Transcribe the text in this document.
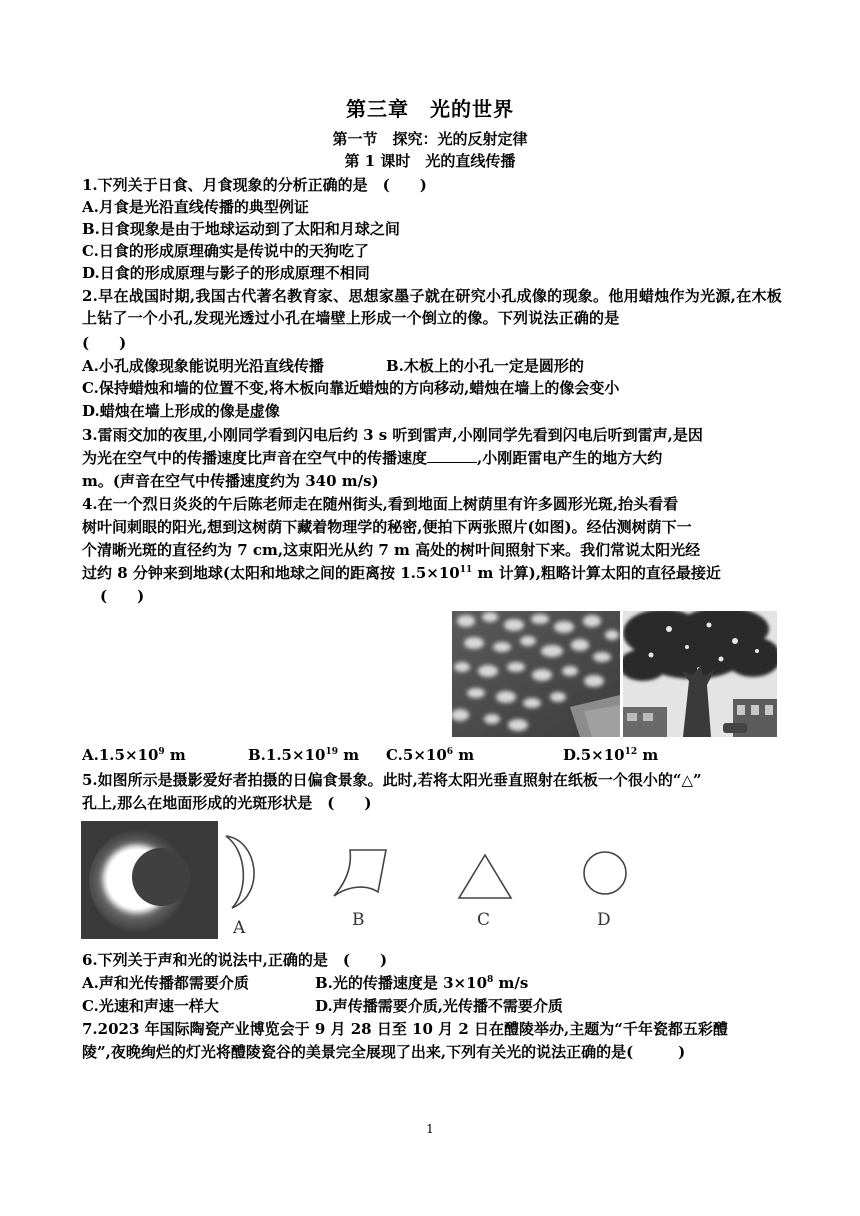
第三章　光的世界
第一节　探究：光的反射定律
第 1 课时　光的直线传播
1.下列关于日食、月食现象的分析正确的是　(　　)
A.月食是光沿直线传播的典型例证
B.日食现象是由于地球运动到了太阳和月球之间
C.日食的形成原理确实是传说中的天狗吃了
D.日食的形成原理与影子的形成原理不相同
2.早在战国时期,我国古代著名教育家、思想家墨子就在研究小孔成像的现象。他用蜡烛作为光源,在木板上钻了一个小孔,发现光透过小孔在墙壁上形成一个倒立的像。下列说法正确的是
(　　)
A.小孔成像现象能说明光沿直线传播	B.木板上的小孔一定是圆形的
C.保持蜡烛和墙的位置不变,将木板向靠近蜡烛的方向移动,蜡烛在墙上的像会变小
D.蜡烛在墙上形成的像是虚像
3.雷雨交加的夜里,小刚同学看到闪电后约 3 s 听到雷声,小刚同学先看到闪电后听到雷声,是因
为光在空气中的传播速度比声音在空气中的传播速度	,小刚距雷电产生的地方大约
m。(声音在空气中传播速度约为 340 m/s)
4.在一个烈日炎炎的午后陈老师走在随州街头,看到地面上树荫里有许多圆形光斑,抬头看看
树叶间刺眼的阳光,想到这树荫下藏着物理学的秘密,便拍下两张照片(如图)。经估测树荫下一
个清晰光斑的直径约为 7 cm,这束阳光从约 7 m 高处的树叶间照射下来。我们常说太阳光经
过约 8 分钟来到地球(太阳和地球之间的距离按 $1.5\times 10^{11}$ m 计算),粗略计算太阳的直径最接近
(　　)
$A.1.5\times 10^9$ m	$B.1.5\times 10^{19}$ m $C.5\times 10^6$ m	$D.5\times 10^{12}$ m
5.如图所示是摄影爱好者拍摄的日偏食景象。此时,若将太阳光垂直照射在纸板一个很小的“△”
孔上,那么在地面形成的光斑形状是　(　　)
A	B	C	D
6.下列关于声和光的说法中,正确的是　(　　)
A.声和光传播都需要介质	B.光的传播速度是 $3\times 10^8$ m/s
C.光速和声速一样大	D.声传播需要介质,光传播不需要介质
7.2023 年国际陶瓷产业博览会于 9 月 28 日至 10 月 2 日在醴陵举办,主题为“千年瓷都五彩醴
陵”,夜晚绚烂的灯光将醴陵瓷谷的美景完全展现了出来,下列有关光的说法正确的是(　　　)
1
